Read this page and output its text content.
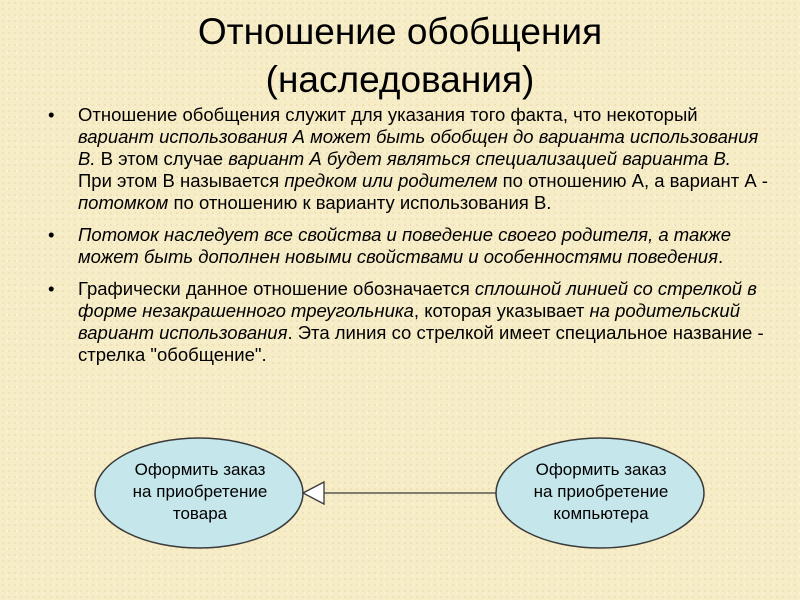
Отношение обобщения
(наследования)
• Отношение обобщения служит для указания того факта, что некоторый вариант использования А может быть обобщен до варианта использования В. В этом случае вариант А будет являться специализацией варианта В. При этом В называется предком или родителем по отношению А, а вариант А - потомком по отношению к варианту использования В.
• Потомок наследует все свойства и поведение своего родителя, а также может быть дополнен новыми свойствами и особенностями поведения.
• Графически данное отношение обозначается сплошной линией со стрелкой в форме незакрашенного треугольника, которая указывает на родительский вариант использования. Эта линия со стрелкой имеет специальное название - стрелка "обобщение".
Оформить заказ
на приобретение
товара
Оформить заказ
на приобретение
компьютера
